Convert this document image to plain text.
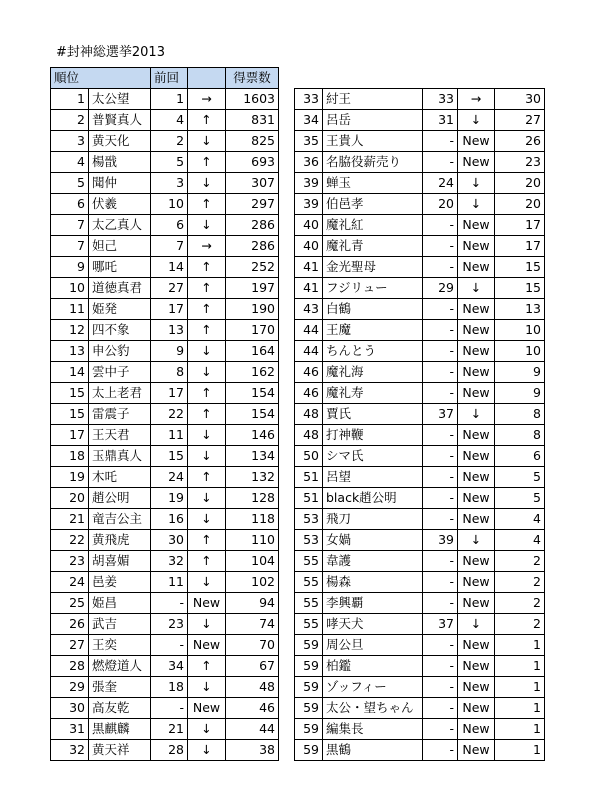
#封神総選挙2013
順位		前回		得票数
1	太公望	1	→	1603
2	普賢真人	4	↑	831
3	黄天化	2	↓	825
4	楊戩	5	↑	693
5	聞仲	3	↓	307
6	伏羲	10	↑	297
7	太乙真人	6	↓	286
7	妲己	7	→	286
9	哪吒	14	↑	252
10	道徳真君	27	↑	197
11	姫発	17	↑	190
12	四不象	13	↑	170
13	申公豹	9	↓	164
14	雲中子	8	↓	162
15	太上老君	17	↑	154
15	雷震子	22	↑	154
17	王天君	11	↓	146
18	玉鼎真人	15	↓	134
19	木吒	24	↑	132
20	趙公明	19	↓	128
21	竜吉公主	16	↓	118
22	黄飛虎	30	↑	110
23	胡喜媚	32	↑	104
24	邑姜	11	↓	102
25	姫昌	-	New	94
26	武吉	23	↓	74
27	王奕	-	New	70
28	燃燈道人	34	↑	67
29	張奎	18	↓	48
30	高友乾	-	New	46
31	黒麒麟	21	↓	44
32	黄天祥	28	↓	38
33	紂王	33	→	30
34	呂岳	31	↓	27
35	王貴人	-	New	26
36	名脇役薪売り	-	New	23
39	蝉玉	24	↓	20
39	伯邑孝	20	↓	20
40	魔礼紅	-	New	17
40	魔礼青	-	New	17
41	金光聖母	-	New	15
41	フジリュー	29	↓	15
43	白鶴	-	New	13
44	王魔	-	New	10
44	ちんとう	-	New	10
46	魔礼海	-	New	9
46	魔礼寿	-	New	9
48	賈氏	37	↓	8
48	打神鞭	-	New	8
50	シマ氏	-	New	6
51	呂望	-	New	5
51	black趙公明	-	New	5
53	飛刀	-	New	4
53	女媧	39	↓	4
55	韋護	-	New	2
55	楊森	-	New	2
55	李興覇	-	New	2
55	哮天犬	37	↓	2
59	周公旦	-	New	1
59	柏鑑	-	New	1
59	ゾッフィー	-	New	1
59	太公・望ちゃん	-	New	1
59	編集長	-	New	1
59	黒鶴	-	New	1
